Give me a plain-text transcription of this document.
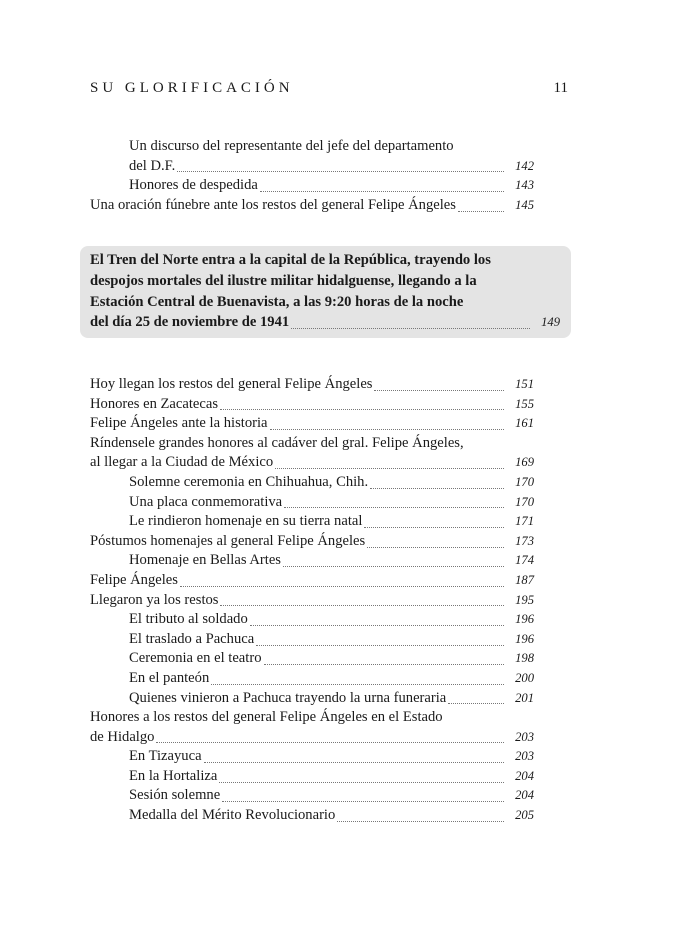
SU GLORIFICACIÓN	11
Un discurso del representante del jefe del departamento
del D.F.	142
Honores de despedida	143
Una oración fúnebre ante los restos del general Felipe Ángeles	145
El Tren del Norte entra a la capital de la República, trayendo los
despojos mortales del ilustre militar hidalguense, llegando a la
Estación Central de Buenavista, a las 9:20 horas de la noche
del día 25 de noviembre de 1941	149
Hoy llegan los restos del general Felipe Ángeles	151
Honores en Zacatecas	155
Felipe Ángeles ante la historia	161
Ríndensele grandes honores al cadáver del gral. Felipe Ángeles,
al llegar a la Ciudad de México	169
Solemne ceremonia en Chihuahua, Chih.	170
Una placa conmemorativa	170
Le rindieron homenaje en su tierra natal	171
Póstumos homenajes al general Felipe Ángeles	173
Homenaje en Bellas Artes	174
Felipe Ángeles	187
Llegaron ya los restos	195
El tributo al soldado	196
El traslado a Pachuca	196
Ceremonia en el teatro	198
En el panteón	200
Quienes vinieron a Pachuca trayendo la urna funeraria	201
Honores a los restos del general Felipe Ángeles en el Estado
de Hidalgo	203
En Tizayuca	203
En la Hortaliza	204
Sesión solemne	204
Medalla del Mérito Revolucionario	205
